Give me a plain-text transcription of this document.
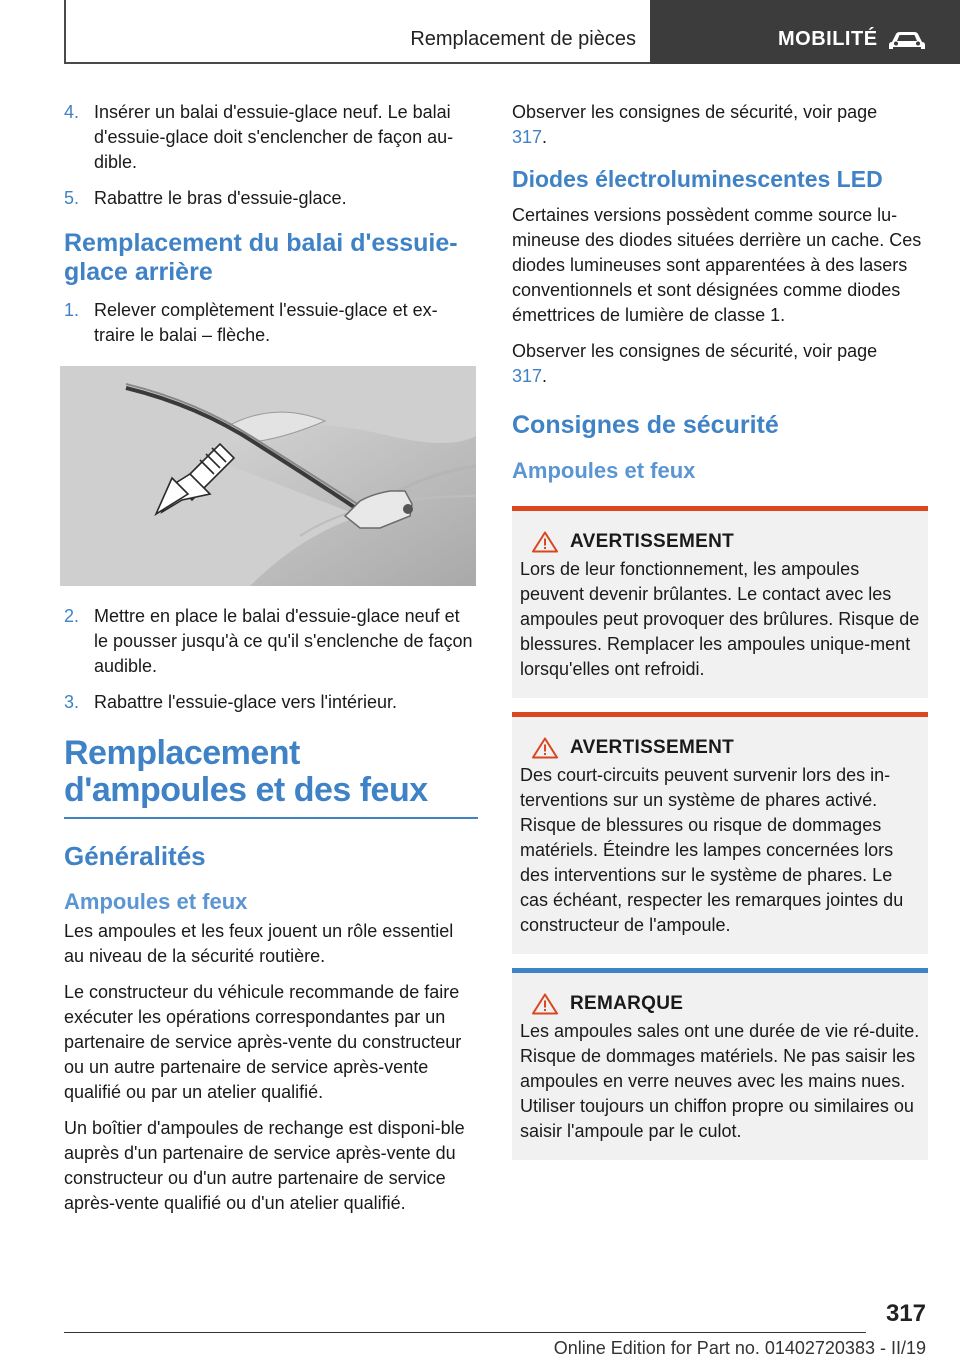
Remplacement de pièces	MOBILITÉ
4. Insérer un balai d'essuie-glace neuf. Le balai d'essuie-glace doit s'enclencher de façon au-dible.
5. Rabattre le bras d'essuie-glace.
Remplacement du balai d'essuie-glace arrière
1. Relever complètement l'essuie-glace et ex-traire le balai – flèche.
2. Mettre en place le balai d'essuie-glace neuf et le pousser jusqu'à ce qu'il s'enclenche de façon audible.
3. Rabattre l'essuie-glace vers l'intérieur.
Remplacement d'ampoules et des feux
Généralités
Ampoules et feux

Les ampoules et les feux jouent un rôle essentiel au niveau de la sécurité routière.

Le constructeur du véhicule recommande de faire exécuter les opérations correspondantes par un partenaire de service après-vente du constructeur ou un autre partenaire de service après-vente qualifié ou par un atelier qualifié.

Un boîtier d'ampoules de rechange est disponi-ble auprès d'un partenaire de service après-vente du constructeur ou d'un autre partenaire de service après-vente qualifié ou d'un atelier qualifié.

Observer les consignes de sécurité, voir page
317.

Diodes électroluminescentes LED

Certaines versions possèdent comme source lu-mineuse des diodes situées derrière un cache. Ces diodes lumineuses sont apparentées à des lasers conventionnels et sont désignées comme diodes émettrices de lumière de classe 1.

Observer les consignes de sécurité, voir page
317.

Consignes de sécurité
Ampoules et feux
AVERTISSEMENT

Lors de leur fonctionnement, les ampoules peuvent devenir brûlantes. Le contact avec les ampoules peut provoquer des brûlures. Risque de blessures. Remplacer les ampoules unique-ment lorsqu'elles ont refroidi.

AVERTISSEMENT

Des court-circuits peuvent survenir lors des in-terventions sur un système de phares activé. Risque de blessures ou risque de dommages matériels. Éteindre les lampes concernées lors des interventions sur le système de phares. Le cas échéant, respecter les remarques jointes du constructeur de l'ampoule.

REMARQUE

Les ampoules sales ont une durée de vie ré-duite. Risque de dommages matériels. Ne pas saisir les ampoules en verre neuves avec les mains nues. Utiliser toujours un chiffon propre ou similaires ou saisir l'ampoule par le culot.

317
Online Edition for Part no. 01402720383 - II/19
